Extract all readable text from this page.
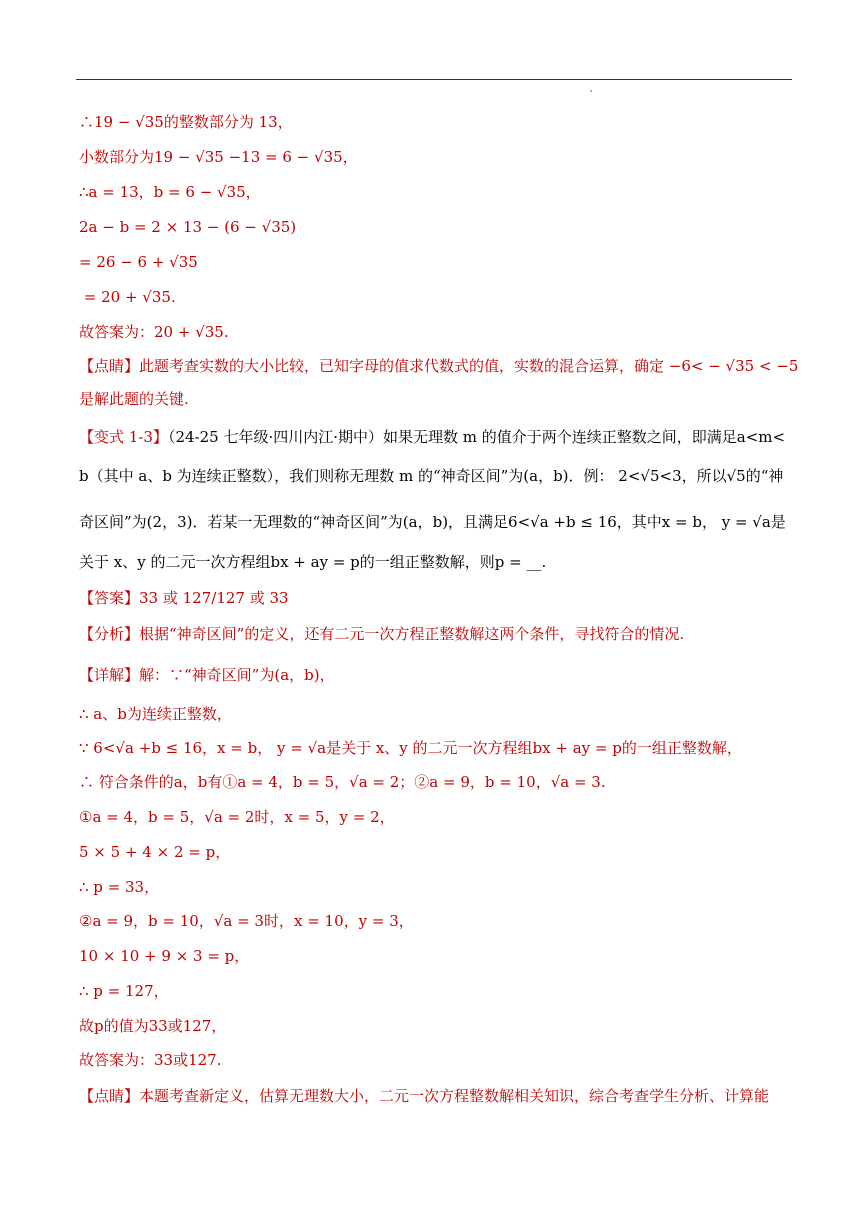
∴19 − √35的整数部分为 13，
小数部分为19 − √35 −13 = 6 − √35，
∴a = 13，b = 6 − √35，
2a − b = 2 × 13 − (6 − √35)
= 26 − 6 + √35
= 20 + √35.
故答案为：20 + √35.
【点睛】此题考查实数的大小比较，已知字母的值求代数式的值，实数的混合运算，确定 −6< − √35 < −5
是解此题的关键.
【变式 1-3】（24-25 七年级·四川内江·期中）如果无理数 m 的值介于两个连续正整数之间，即满足a<m<
b（其中 a、b 为连续正整数），我们则称无理数 m 的“神奇区间”为(a，b)．例： 2<√5<3，所以√5的“神
奇区间”为(2，3)．若某一无理数的“神奇区间”为(a，b)，且满足6<√a +b ≤ 16，其中x = b， y = √a是
关于 x、y 的二元一次方程组bx + ay = p的一组正整数解，则p = __.
【答案】33 或 127/127 或 33
【分析】根据“神奇区间”的定义，还有二元一次方程正整数解这两个条件，寻找符合的情况.
【详解】解：∵“神奇区间”为(a，b)，
∴ a、b为连续正整数，
∵ 6<√a +b ≤ 16，x = b， y = √a是关于 x、y 的二元一次方程组bx + ay = p的一组正整数解，
∴ 符合条件的a，b有①a = 4，b = 5，√a = 2；②a = 9，b = 10，√a = 3.
①a = 4，b = 5，√a = 2时，x = 5，y = 2，
5 × 5 + 4 × 2 = p，
∴ p = 33，
②a = 9，b = 10，√a = 3时，x = 10，y = 3，
10 × 10 + 9 × 3 = p，
∴ p = 127，
故p的值为33或127，
故答案为：33或127.
【点睛】本题考查新定义，估算无理数大小，二元一次方程整数解相关知识，综合考查学生分析、计算能
